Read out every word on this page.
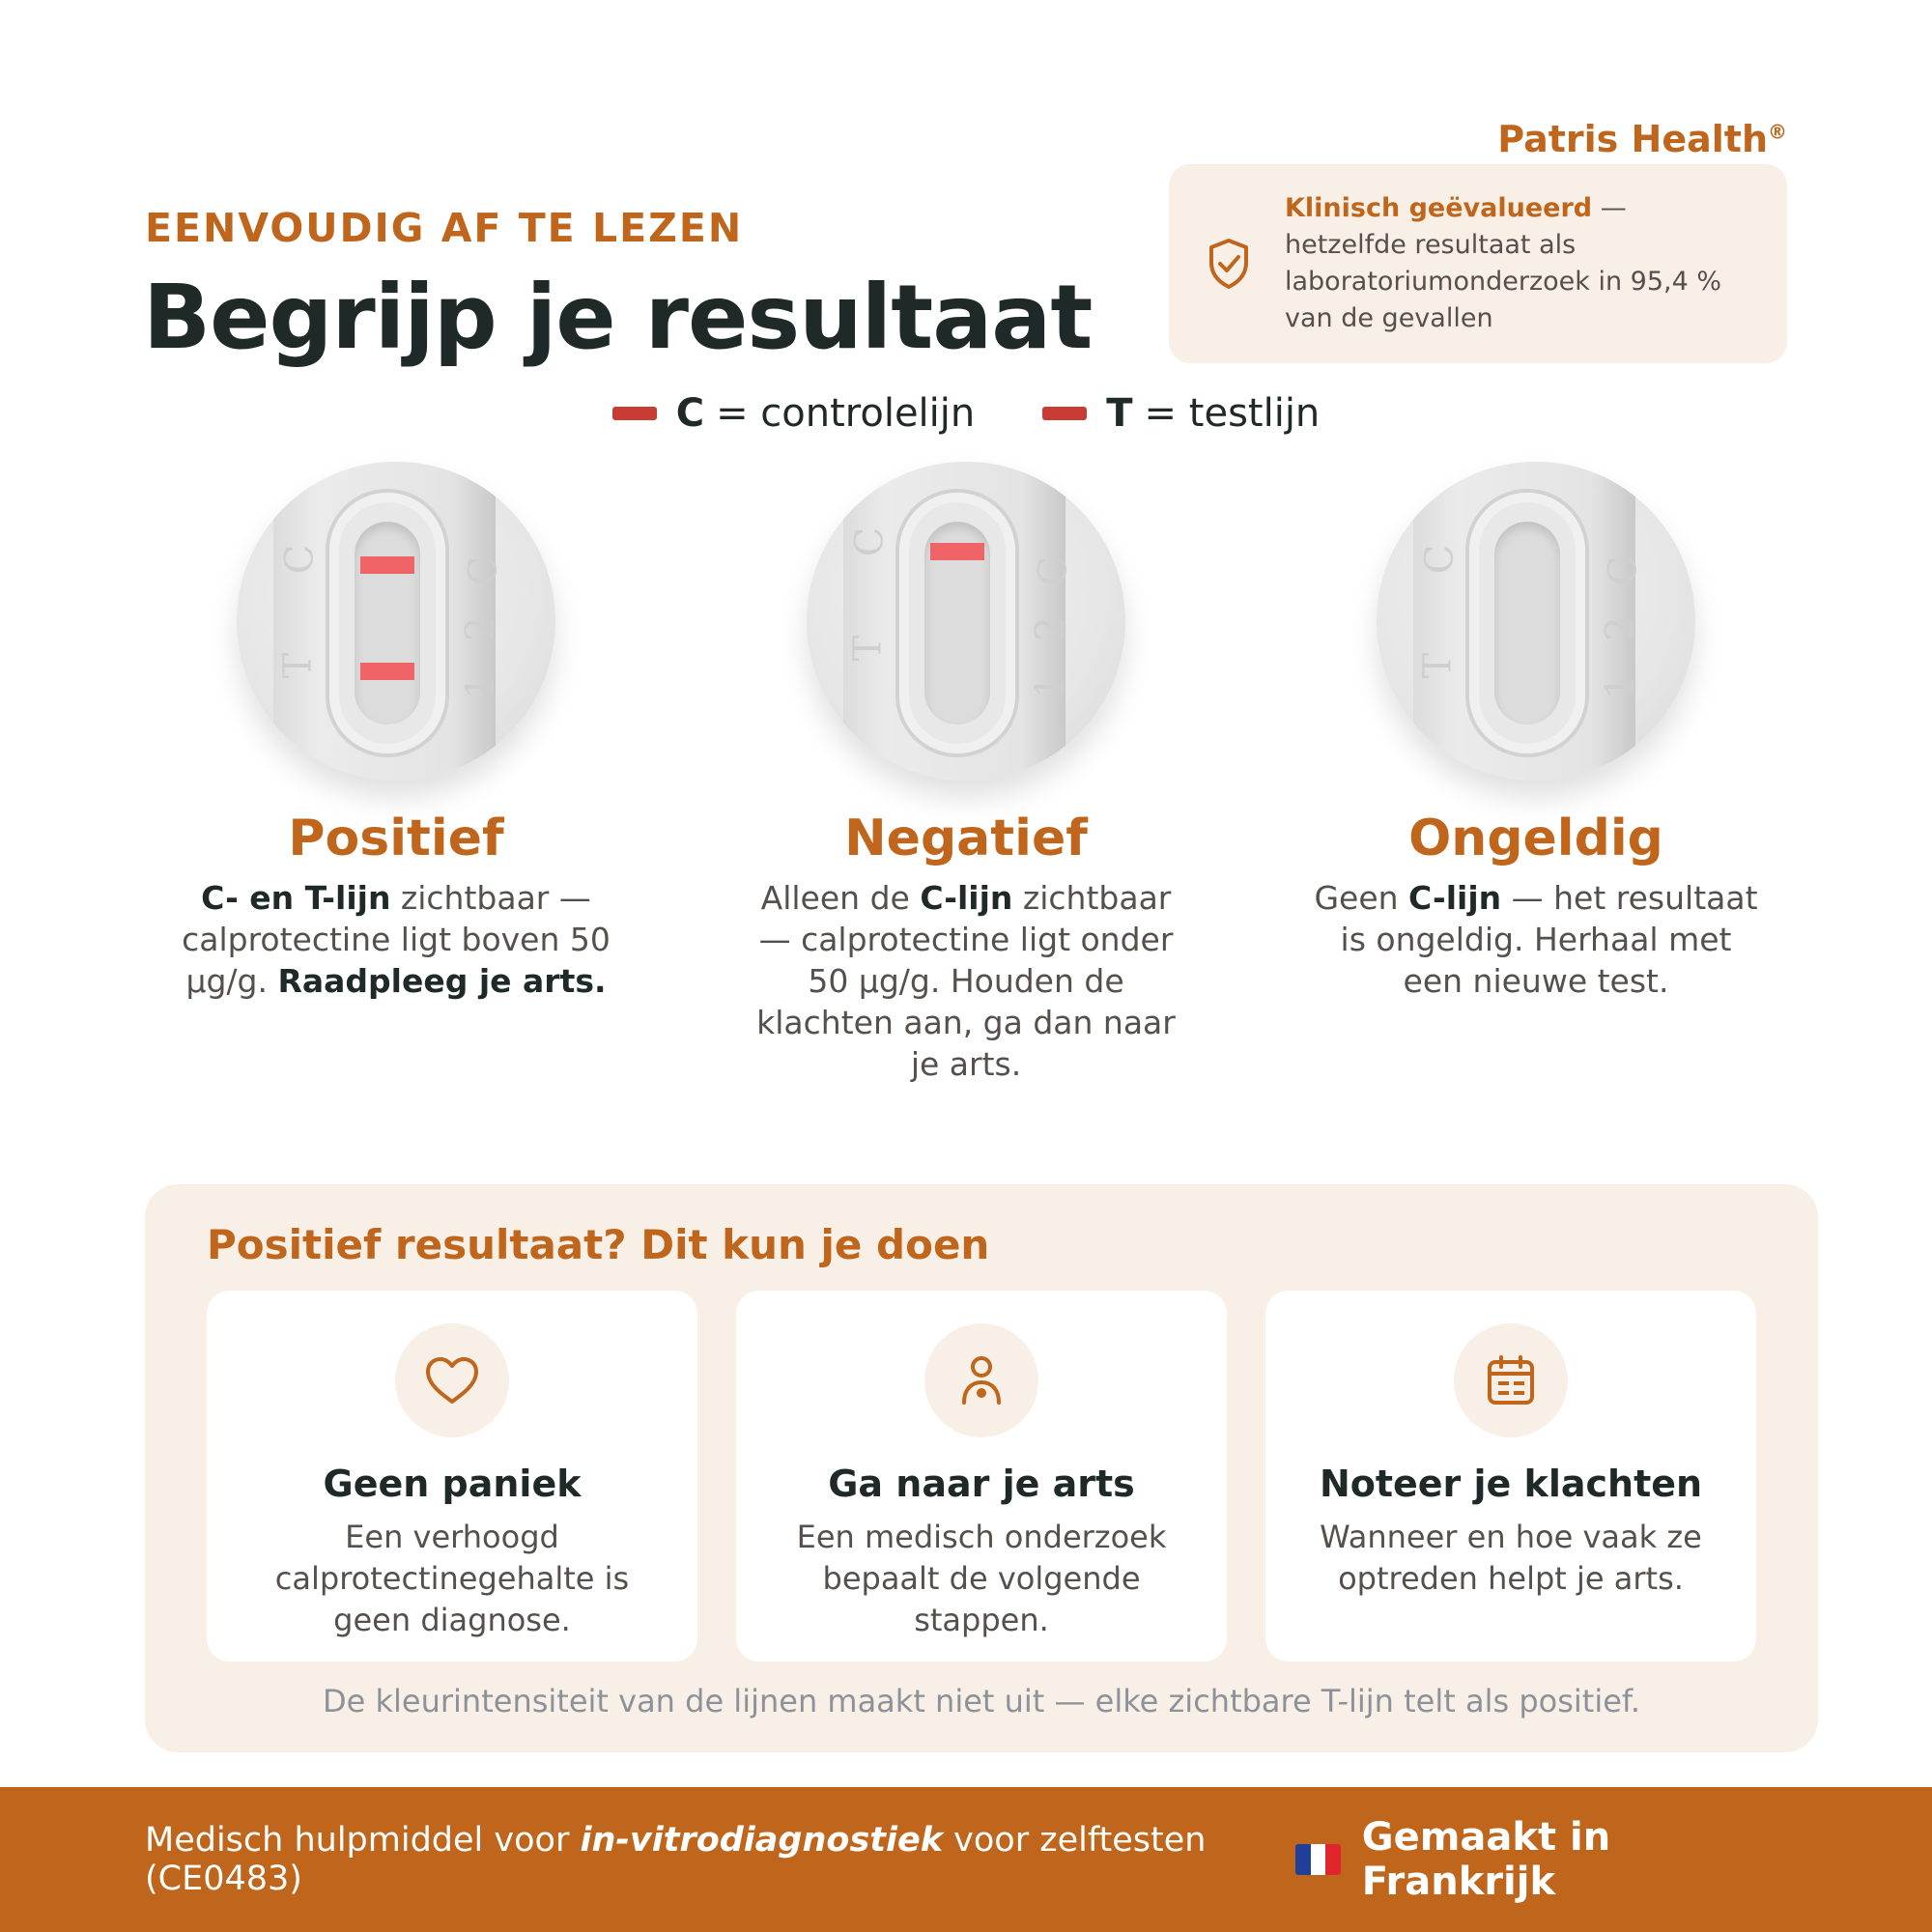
Patris Health®
Klinisch geëvalueerd — hetzelfde resultaat als laboratoriumonderzoek in 95,4 % van de gevallen
EENVOUDIG AF TE LEZEN
Begrijp je resultaat
C = controlelijn	T = testlijn
C
T
C
2
1
Positief
C- en T-lijn zichtbaar — calprotectine ligt boven 50 µg/g. Raadpleeg je arts.
C
T
C
2
1
Negatief
Alleen de C-lijn zichtbaar — calprotectine ligt onder 50 µg/g. Houden de klachten aan, ga dan naar je arts.
C
T
C
2
1
Ongeldig
Geen C-lijn — het resultaat is ongeldig. Herhaal met een nieuwe test.
Positief resultaat? Dit kun je doen
Geen paniek
Een verhoogd calprotectinegehalte is geen diagnose.
Ga naar je arts
Een medisch onderzoek bepaalt de volgende stappen.
Noteer je klachten
Wanneer en hoe vaak ze optreden helpt je arts.
De kleurintensiteit van de lijnen maakt niet uit — elke zichtbare T-lijn telt als positief.
Medisch hulpmiddel voor in-vitrodiagnostiek voor zelftesten (CE0483)
Gemaakt in Frankrijk
